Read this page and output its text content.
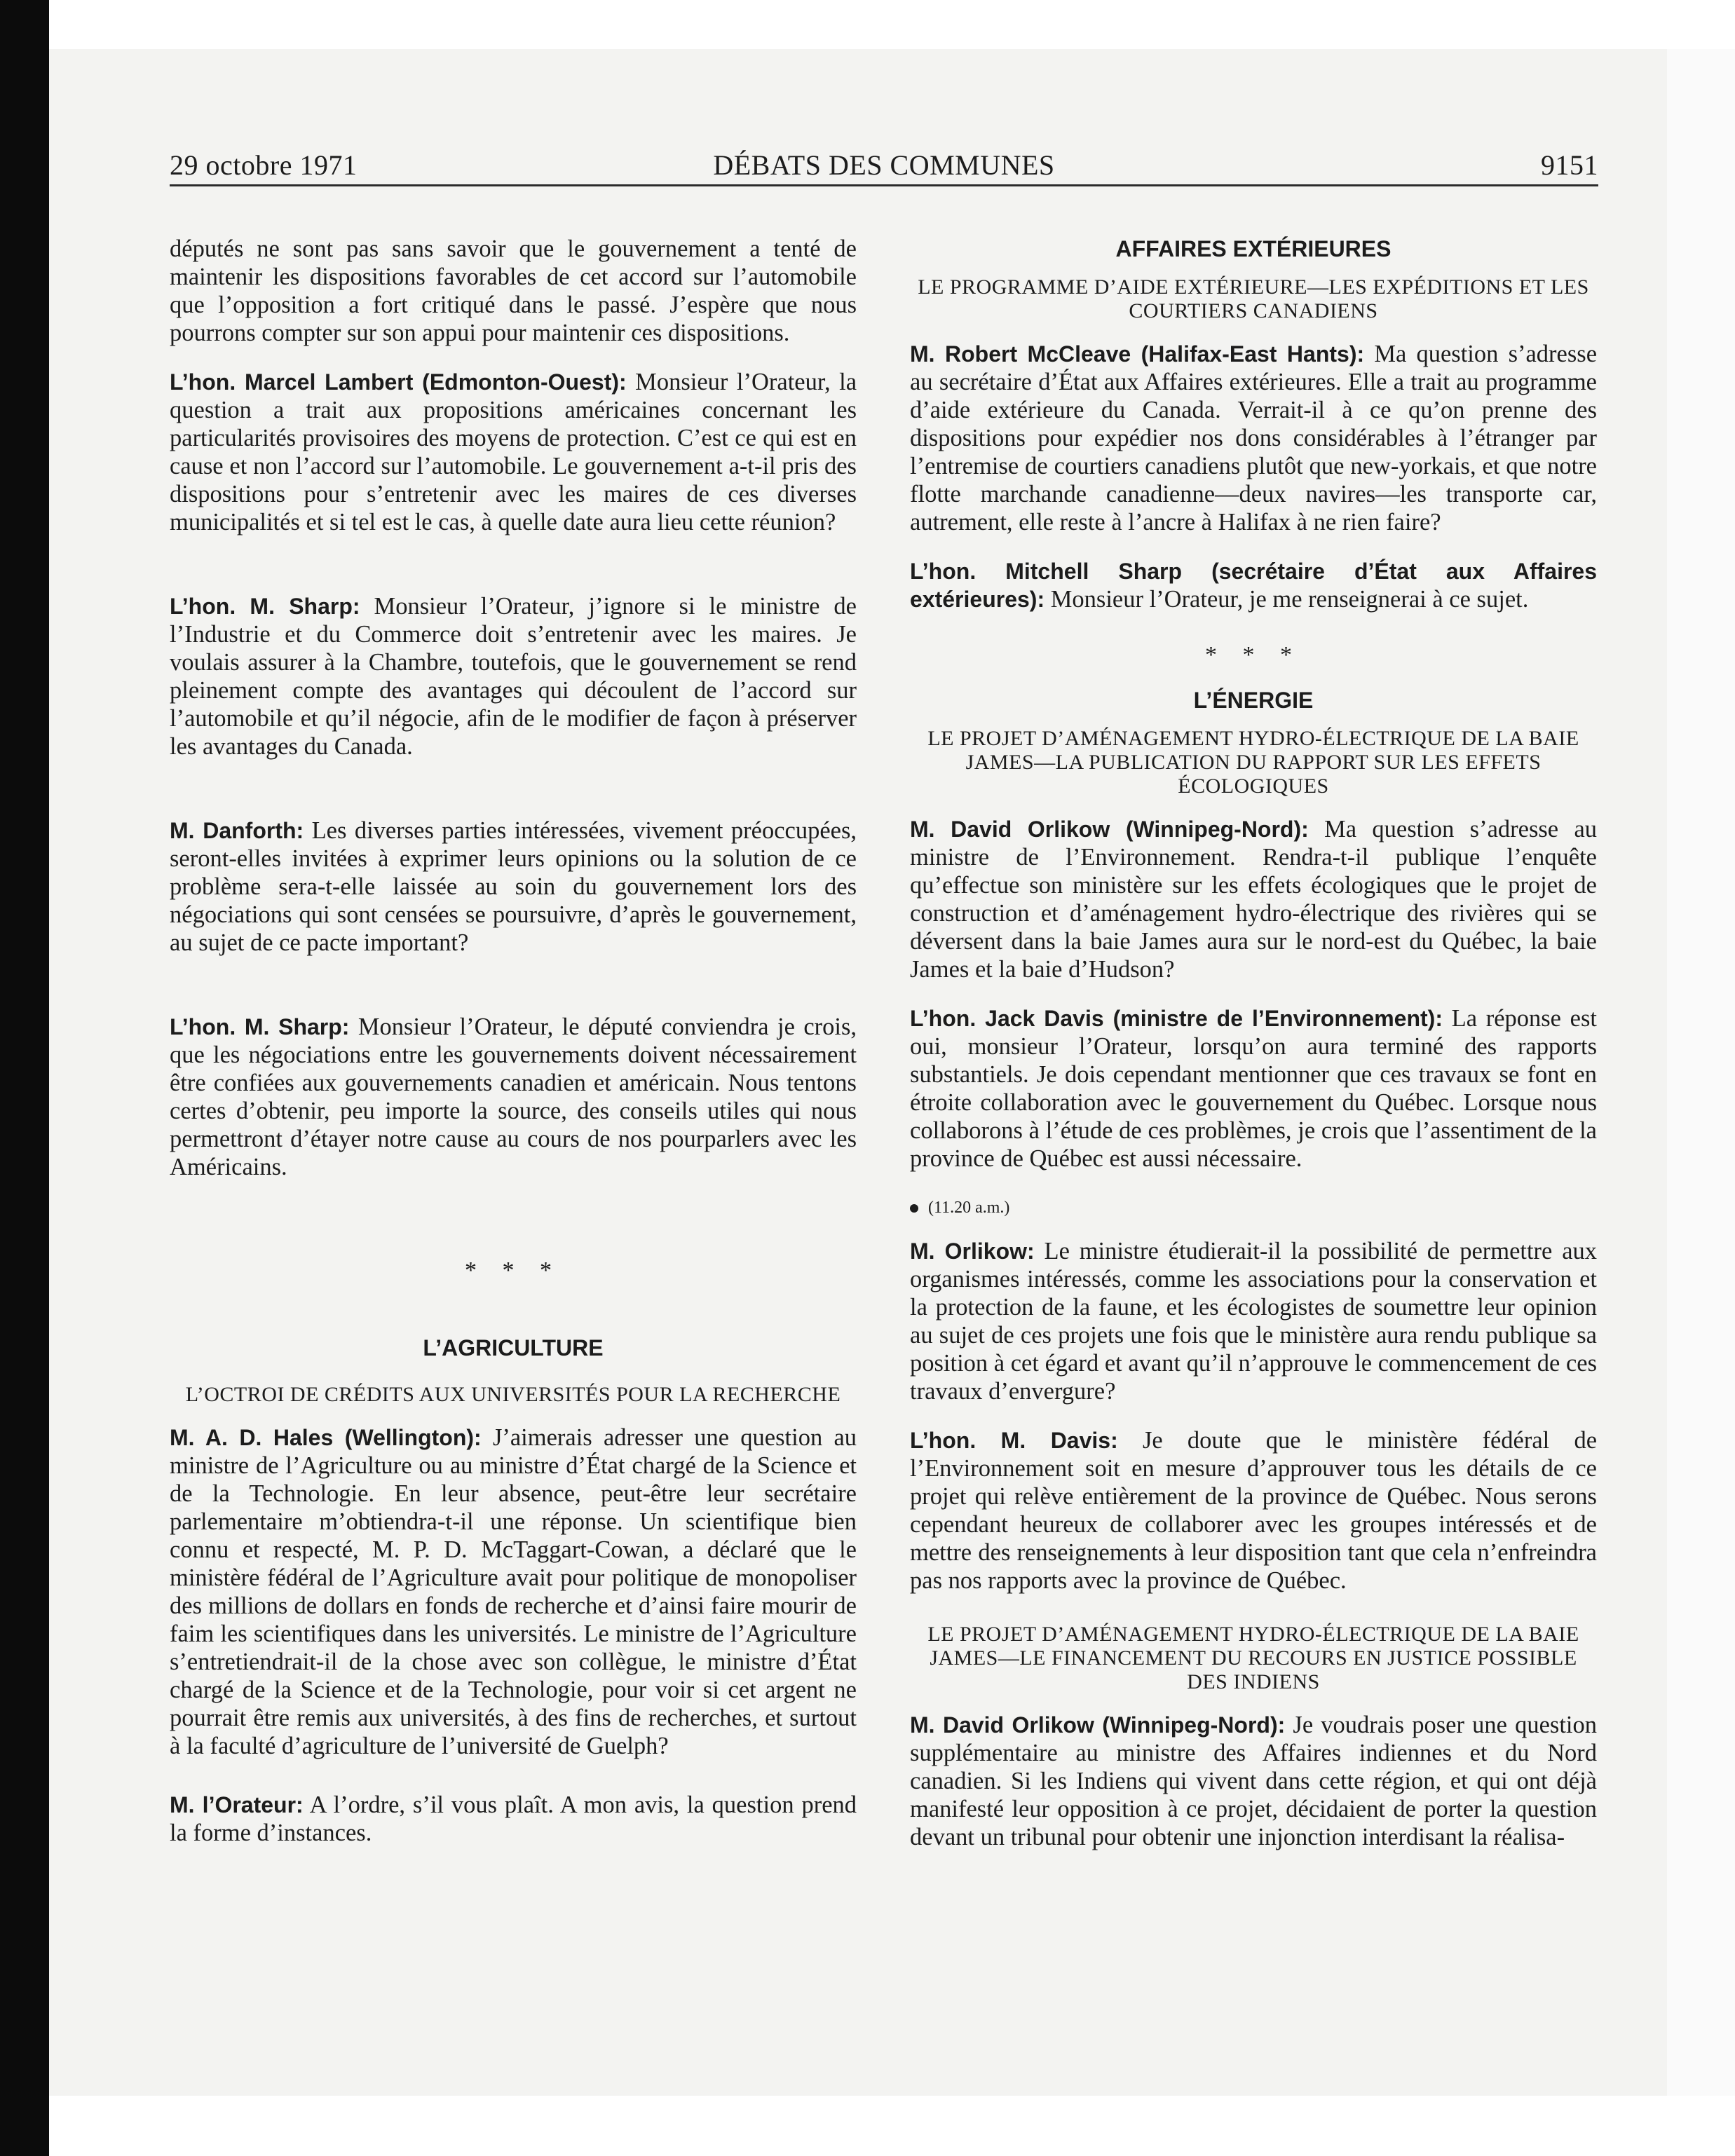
29 octobre 1971	DÉBATS DES COMMUNES	9151

députés ne sont pas sans savoir que le gouvernement a tenté de maintenir les dispositions favorables de cet accord sur l’automobile que l’opposition a fort critiqué dans le passé. J’espère que nous pourrons compter sur son appui pour maintenir ces dispositions.

L’hon. Marcel Lambert (Edmonton-Ouest): Monsieur l’Orateur, la question a trait aux propositions américaines concernant les particularités provisoires des moyens de protection. C’est ce qui est en cause et non l’accord sur l’automobile. Le gouvernement a-t-il pris des dispositions pour s’entretenir avec les maires de ces diverses municipalités et si tel est le cas, à quelle date aura lieu cette réunion?

L’hon. M. Sharp: Monsieur l’Orateur, j’ignore si le ministre de l’Industrie et du Commerce doit s’entretenir avec les maires. Je voulais assurer à la Chambre, toutefois, que le gouvernement se rend pleinement compte des avantages qui découlent de l’accord sur l’automobile et qu’il négocie, afin de le modifier de façon à préserver les avantages du Canada.

M. Danforth: Les diverses parties intéressées, vivement préoccupées, seront-elles invitées à exprimer leurs opinions ou la solution de ce problème sera-t-elle laissée au soin du gouvernement lors des négociations qui sont censées se poursuivre, d’après le gouvernement, au sujet de ce pacte important?

L’hon. M. Sharp: Monsieur l’Orateur, le député conviendra je crois, que les négociations entre les gouvernements doivent nécessairement être confiées aux gouvernements canadien et américain. Nous tentons certes d’obtenir, peu importe la source, des conseils utiles qui nous permettront d’étayer notre cause au cours de nos pourparlers avec les Américains.

* * *

L’AGRICULTURE

L’OCTROI DE CRÉDITS AUX UNIVERSITÉS POUR LA RECHERCHE

M. A. D. Hales (Wellington): J’aimerais adresser une question au ministre de l’Agriculture ou au ministre d’État chargé de la Science et de la Technologie. En leur absence, peut-être leur secrétaire parlementaire m’obtiendra-t-il une réponse. Un scientifique bien connu et respecté, M. P. D. McTaggart-Cowan, a déclaré que le ministère fédéral de l’Agriculture avait pour politique de monopoliser des millions de dollars en fonds de recherche et d’ainsi faire mourir de faim les scientifiques dans les universités. Le ministre de l’Agriculture s’entretiendrait-il de la chose avec son collègue, le ministre d’État chargé de la Science et de la Technologie, pour voir si cet argent ne pourrait être remis aux universités, à des fins de recherches, et surtout à la faculté d’agriculture de l’université de Guelph?

M. l’Orateur: A l’ordre, s’il vous plaît. A mon avis, la question prend la forme d’instances.

AFFAIRES EXTÉRIEURES

LE PROGRAMME D’AIDE EXTÉRIEURE—LES EXPÉDITIONS ET LES COURTIERS CANADIENS

M. Robert McCleave (Halifax-East Hants): Ma question s’adresse au secrétaire d’État aux Affaires extérieures. Elle a trait au programme d’aide extérieure du Canada. Verrait-il à ce qu’on prenne des dispositions pour expédier nos dons considérables à l’étranger par l’entremise de courtiers canadiens plutôt que new-yorkais, et que notre flotte marchande canadienne—deux navires—les transporte car, autrement, elle reste à l’ancre à Halifax à ne rien faire?

L’hon. Mitchell Sharp (secrétaire d’État aux Affaires extérieures): Monsieur l’Orateur, je me renseignerai à ce sujet.

* * *

L’ÉNERGIE

LE PROJET D’AMÉNAGEMENT HYDRO-ÉLECTRIQUE DE LA BAIE JAMES—LA PUBLICATION DU RAPPORT SUR LES EFFETS ÉCOLOGIQUES

M. David Orlikow (Winnipeg-Nord): Ma question s’adresse au ministre de l’Environnement. Rendra-t-il publique l’enquête qu’effectue son ministère sur les effets écologiques que le projet de construction et d’aménagement hydro-électrique des rivières qui se déversent dans la baie James aura sur le nord-est du Québec, la baie James et la baie d’Hudson?

L’hon. Jack Davis (ministre de l’Environnement): La réponse est oui, monsieur l’Orateur, lorsqu’on aura terminé des rapports substantiels. Je dois cependant mentionner que ces travaux se font en étroite collaboration avec le gouvernement du Québec. Lorsque nous collaborons à l’étude de ces problèmes, je crois que l’assentiment de la province de Québec est aussi nécessaire.

(11.20 a.m.)

M. Orlikow: Le ministre étudierait-il la possibilité de permettre aux organismes intéressés, comme les associations pour la conservation et la protection de la faune, et les écologistes de soumettre leur opinion au sujet de ces projets une fois que le ministère aura rendu publique sa position à cet égard et avant qu’il n’approuve le commencement de ces travaux d’envergure?

L’hon. M. Davis: Je doute que le ministère fédéral de l’Environnement soit en mesure d’approuver tous les détails de ce projet qui relève entièrement de la province de Québec. Nous serons cependant heureux de collaborer avec les groupes intéressés et de mettre des renseignements à leur disposition tant que cela n’enfreindra pas nos rapports avec la province de Québec.

LE PROJET D’AMÉNAGEMENT HYDRO-ÉLECTRIQUE DE LA BAIE JAMES—LE FINANCEMENT DU RECOURS EN JUSTICE POSSIBLE DES INDIENS

M. David Orlikow (Winnipeg-Nord): Je voudrais poser une question supplémentaire au ministre des Affaires indiennes et du Nord canadien. Si les Indiens qui vivent dans cette région, et qui ont déjà manifesté leur opposition à ce projet, décidaient de porter la question devant un tribunal pour obtenir une injonction interdisant la réalisa-
